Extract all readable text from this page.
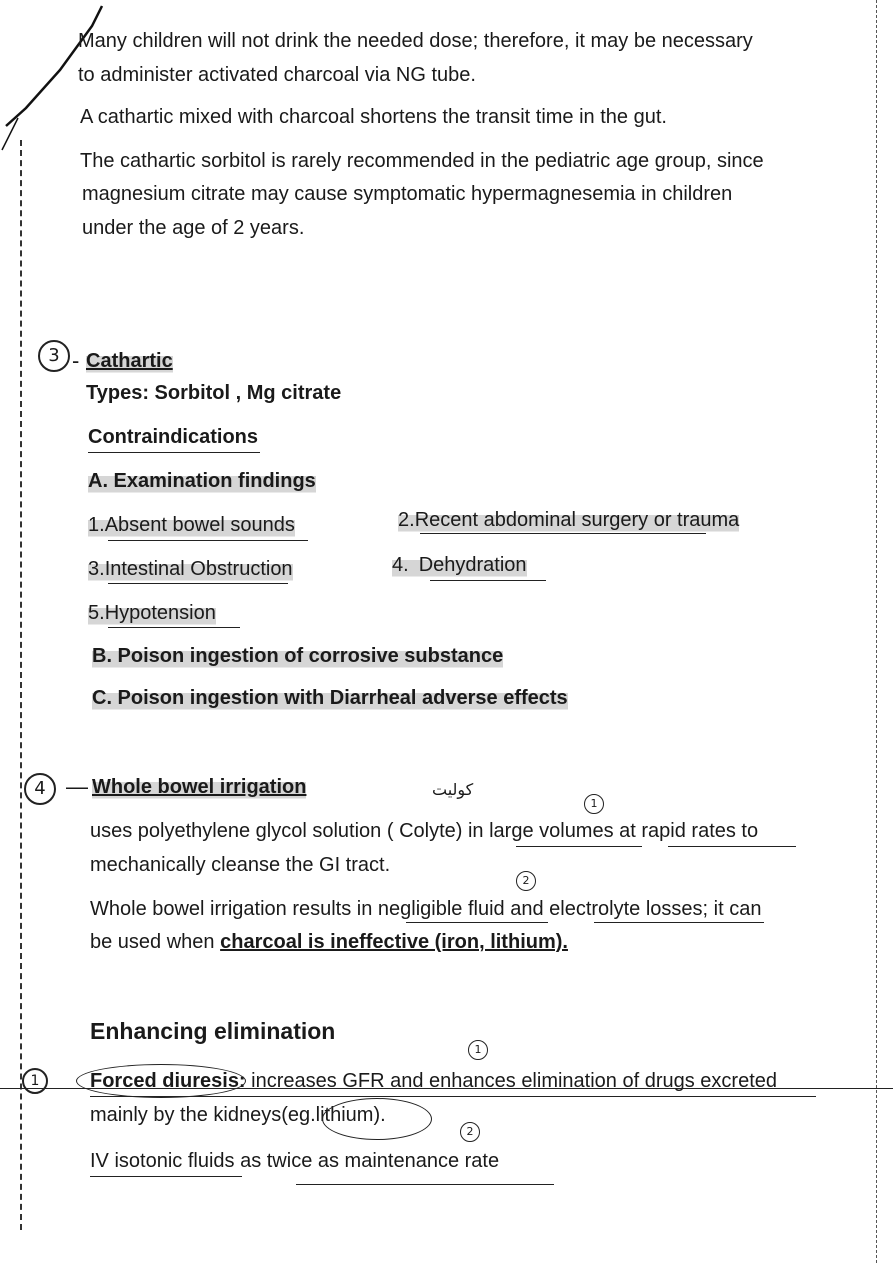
Many children will not drink the needed dose; therefore, it may be necessary
to administer activated charcoal via NG tube.
A cathartic mixed with charcoal shortens the transit time in the gut.
The cathartic sorbitol is rarely recommended in the pediatric age group, since
magnesium citrate may cause symptomatic hypermagnesemia in children
under the age of 2 years.
3 - Cathartic
Types: Sorbitol , Mg citrate
Contraindications
A. Examination findings
1.Absent bowel sounds	2.Recent abdominal surgery or trauma
3.Intestinal Obstruction	4. Dehydration
5.Hypotension
B. Poison ingestion of corrosive substance
C. Poison ingestion with Diarrheal adverse effects
4 — Whole bowel irrigation	كوليت
1
uses polyethylene glycol solution ( Colyte) in large volumes at rapid rates to
mechanically cleanse the GI tract.
2
Whole bowel irrigation results in negligible fluid and electrolyte losses; it can
be used when charcoal is ineffective (iron, lithium).
Enhancing elimination
1
1	Forced diuresis: increases GFR and enhances elimination of drugs excreted
mainly by the kidneys(eg.lithium).
2
IV isotonic fluids as twice as maintenance rate
